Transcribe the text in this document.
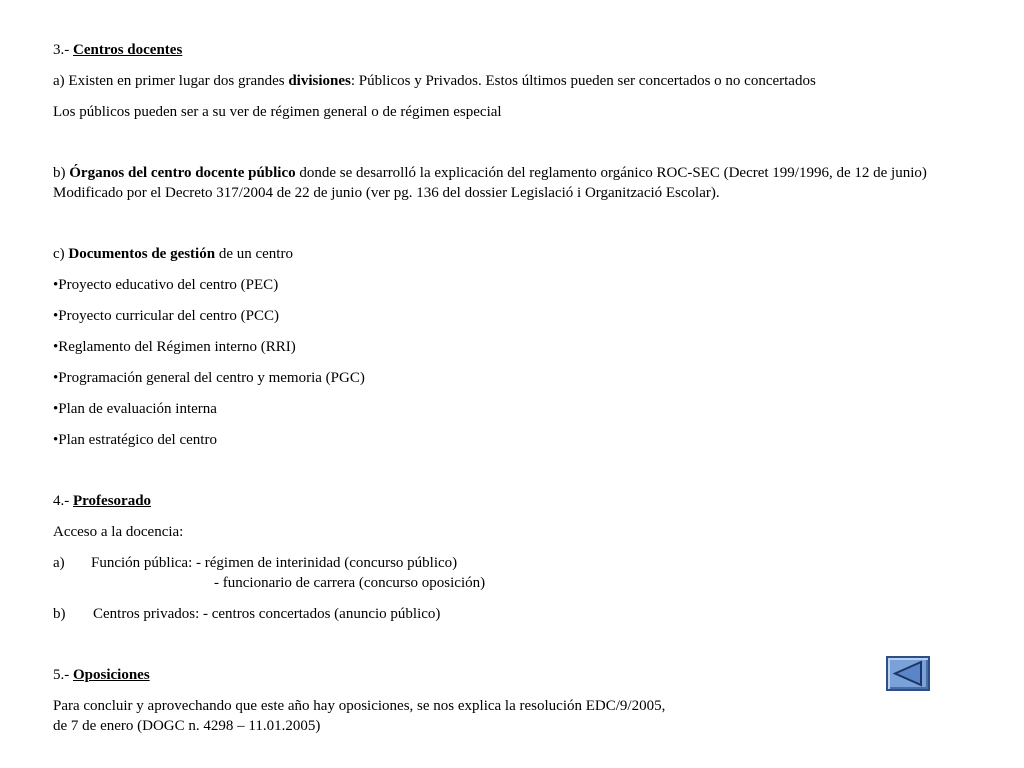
3.- Centros docentes

a) Existen en primer lugar dos grandes divisiones: Públicos y Privados. Estos últimos pueden ser concertados o no concertados

Los públicos pueden ser a su ver de régimen general o de régimen especial

b) Órganos del centro docente público donde se desarrolló la explicación del reglamento orgánico ROC-SEC (Decret 199/1996, de 12 de junio) Modificado por el Decreto 317/2004 de 22 de junio (ver pg. 136 del dossier Legislació i Organització Escolar).

c) Documentos de gestión de un centro

•Proyecto educativo del centro (PEC)

•Proyecto curricular del centro (PCC)

•Reglamento del Régimen interno (RRI)

•Programación general del centro y memoria (PGC)

•Plan de evaluación interna

•Plan estratégico del centro

4.- Profesorado

Acceso a la docencia:

a)	Función pública: - régimen de interinidad (concurso público)
- funcionario de carrera (concurso oposición)
b)	Centros privados: - centros concertados (anuncio público)

5.- Oposiciones

Para concluir y aprovechando que este año hay oposiciones, se nos explica la resolución EDC/9/2005,

de 7 de enero (DOGC n. 4298 – 11.01.2005)
